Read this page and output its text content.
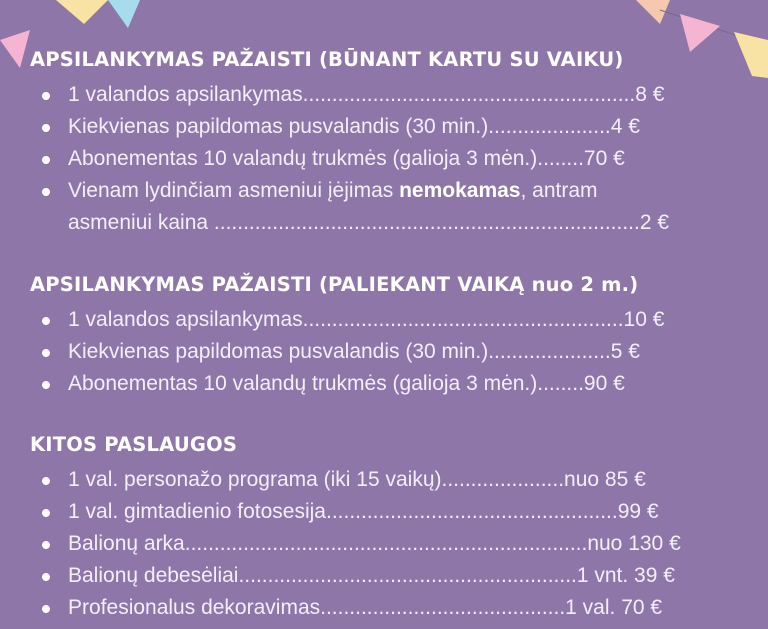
APSILANKYMAS PAŽAISTI (BŪNANT KARTU SU VAIKU)
1 valandos apsilankymas.........................................................8 €
Kiekvienas papildomas pusvalandis (30 min.).....................4 €
Abonementas 10 valandų trukmės (galioja 3 mėn.)........70 €
Vienam lydinčiam asmeniui įėjimas nemokamas, antram
asmeniui kaina .........................................................................2 €
APSILANKYMAS PAŽAISTI (PALIEKANT VAIKĄ nuo 2 m.)
1 valandos apsilankymas.......................................................10 €
Kiekvienas papildomas pusvalandis (30 min.).....................5 €
Abonementas 10 valandų trukmės (galioja 3 mėn.)........90 €
KITOS PASLAUGOS
1 val. personažo programa (iki 15 vaikų).....................nuo 85 €
1 val. gimtadienio fotosesija..................................................99 €
Balionų arka.....................................................................nuo 130 €
Balionų debesėliai..........................................................1 vnt. 39 €
Profesionalus dekoravimas..........................................1 val. 70 €
